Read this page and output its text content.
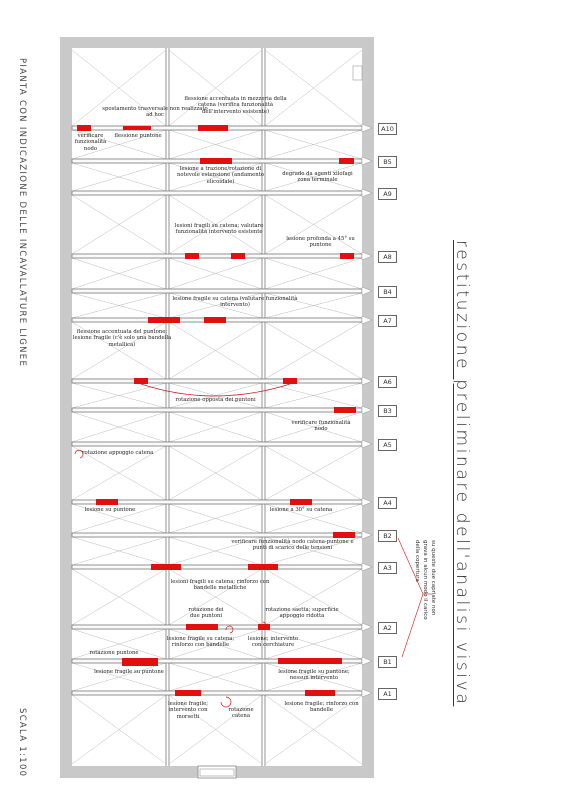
PIANTA CON INDICAZIONE DELLE INCAVALLATURE LIGNEE
SCALA 1:100
restituzione preliminare dell'analisi visiva
su queste due capriate non grava in alcun modo il carico della copertura
A10
B5
A9
A8
B4
A7
A6
B3
A5
A4
B2
A3
A2
B1
A1
spostamento trasversale non realizzato ad hoc
flessione accentuata in mezzeria della catena (verifica funzionalità dell'intervento esistente)
verificare funzionalità nodo
flessione puntone
lesione a trazione/rotazione di notevole estensione (andamento elicoidale)
degrado da agenti xilofagi zona terminale
lesioni fragili su catena; valutare funzionalità intervento esistente
lesione profonda a 45° su puntone
lesione fragile su catena (valutare funzionalità intervento)
flessione accentuata del puntone; lesione fragile (c'è solo una bandella metallica)
rotazione opposta dei puntoni
verificare funzionalità nodo
rotazione appoggio catena
lesione su puntone	lesione a 30° su catena
verificare funzionalità nodo catena-puntone e punti di scarico delle tensioni
lesioni fragili su catena; rinforzo con bandelle metalliche
rotazione dei due puntoni
rotazione saetta; superficie appoggio ridotta
lesione fragile su catena; rinforzo con bandelle
lesione; intervento con cerchiature
rotazione puntone
lesione fragile su puntone	lesione fragile su puntone; nessun intervento
lesione fragile; intervento con morsetti
rotazione catena
lesione fragile; rinforzo con bandelle
